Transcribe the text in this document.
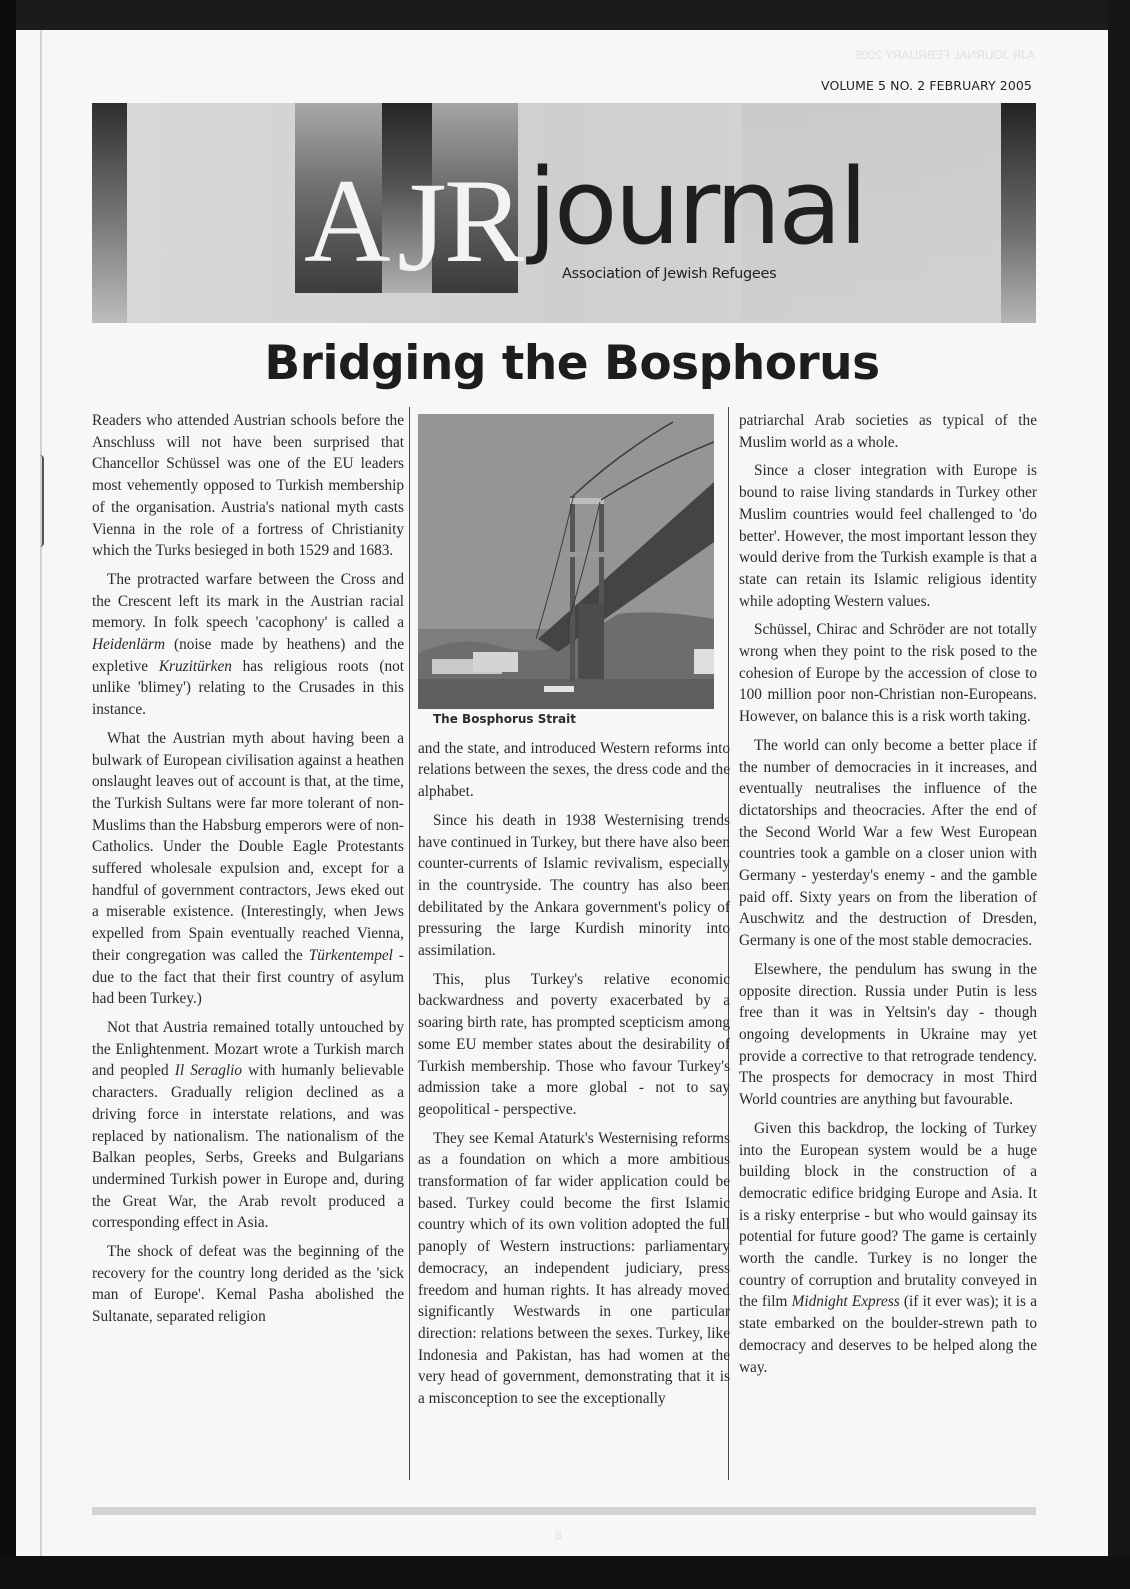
AJR JOURNAL FEBRUARY 2005
VOLUME 5 NO. 2 FEBRUARY 2005
A J
R journal
Association of Jewish Refugees
Bridging the Bosphorus

Readers who attended Austrian schools before the Anschluss will not have been surprised that Chancellor Schüssel was one of the EU leaders most vehemently opposed to Turkish membership of the organisation. Austria's national myth casts Vienna in the role of a fortress of Christianity which the Turks besieged in both 1529 and 1683.

The protracted warfare between the Cross and the Crescent left its mark in the Austrian racial memory. In folk speech 'cacophony' is called a Heidenlärm (noise made by heathens) and the expletive Kruzitürken has religious roots (not unlike 'blimey') relating to the Crusades in this instance.

What the Austrian myth about having been a bulwark of European civilisation against a heathen onslaught leaves out of account is that, at the time, the Turkish Sultans were far more tolerant of non-Muslims than the Habsburg emperors were of non-Catholics. Under the Double Eagle Protestants suffered wholesale expulsion and, except for a handful of government contractors, Jews eked out a miserable existence. (Interestingly, when Jews expelled from Spain eventually reached Vienna, their congregation was called the Türkentempel - due to the fact that their first country of asylum had been Turkey.)

Not that Austria remained totally untouched by the Enlightenment. Mozart wrote a Turkish march and peopled Il Seraglio with humanly believable characters. Gradually religion declined as a driving force in interstate relations, and was replaced by nationalism. The nationalism of the Balkan peoples, Serbs, Greeks and Bulgarians undermined Turkish power in Europe and, during the Great War, the Arab revolt produced a corresponding effect in Asia.

The shock of defeat was the beginning of the recovery for the country long derided as the 'sick man of Europe'. Kemal Pasha abolished the Sultanate, separated religion

The Bosphorus Strait

and the state, and introduced Western reforms into relations between the sexes, the dress code and the alphabet.

Since his death in 1938 Westernising trends have continued in Turkey, but there have also been counter-currents of Islamic revivalism, especially in the countryside. The country has also been debilitated by the Ankara government's policy of pressuring the large Kurdish minority into assimilation.

This, plus Turkey's relative economic backwardness and poverty exacerbated by a soaring birth rate, has prompted scepticism among some EU member states about the desirability of Turkish membership. Those who favour Turkey's admission take a more global - not to say geopolitical - perspective.

They see Kemal Ataturk's Westernising reforms as a foundation on which a more ambitious transformation of far wider application could be based. Turkey could become the first Islamic country which of its own volition adopted the full panoply of Western instructions: parliamentary democracy, an independent judiciary, press freedom and human rights. It has already moved significantly Westwards in one particular direction: relations between the sexes. Turkey, like Indonesia and Pakistan, has had women at the very head of government, demonstrating that it is a misconception to see the exceptionally

patriarchal Arab societies as typical of the Muslim world as a whole.

Since a closer integration with Europe is bound to raise living standards in Turkey other Muslim countries would feel challenged to 'do better'. However, the most important lesson they would derive from the Turkish example is that a state can retain its Islamic religious identity while adopting Western values.

Schüssel, Chirac and Schröder are not totally wrong when they point to the risk posed to the cohesion of Europe by the accession of close to 100 million poor non-Christian non-Europeans. However, on balance this is a risk worth taking.

The world can only become a better place if the number of democracies in it increases, and eventually neutralises the influence of the dictatorships and theocracies. After the end of the Second World War a few West European countries took a gamble on a closer union with Germany - yesterday's enemy - and the gamble paid off. Sixty years on from the liberation of Auschwitz and the destruction of Dresden, Germany is one of the most stable democracies.

Elsewhere, the pendulum has swung in the opposite direction. Russia under Putin is less free than it was in Yeltsin's day - though ongoing developments in Ukraine may yet provide a corrective to that retrograde tendency. The prospects for democracy in most Third World countries are anything but favourable.

Given this backdrop, the locking of Turkey into the European system would be a huge building block in the construction of a democratic edifice bridging Europe and Asia. It is a risky enterprise - but who would gainsay its potential for future good? The game is certainly worth the candle. Turkey is no longer the country of corruption and brutality conveyed in the film Midnight Express (if it ever was); it is a state embarked on the boulder-strewn path to democracy and deserves to be helped along the way.

8
